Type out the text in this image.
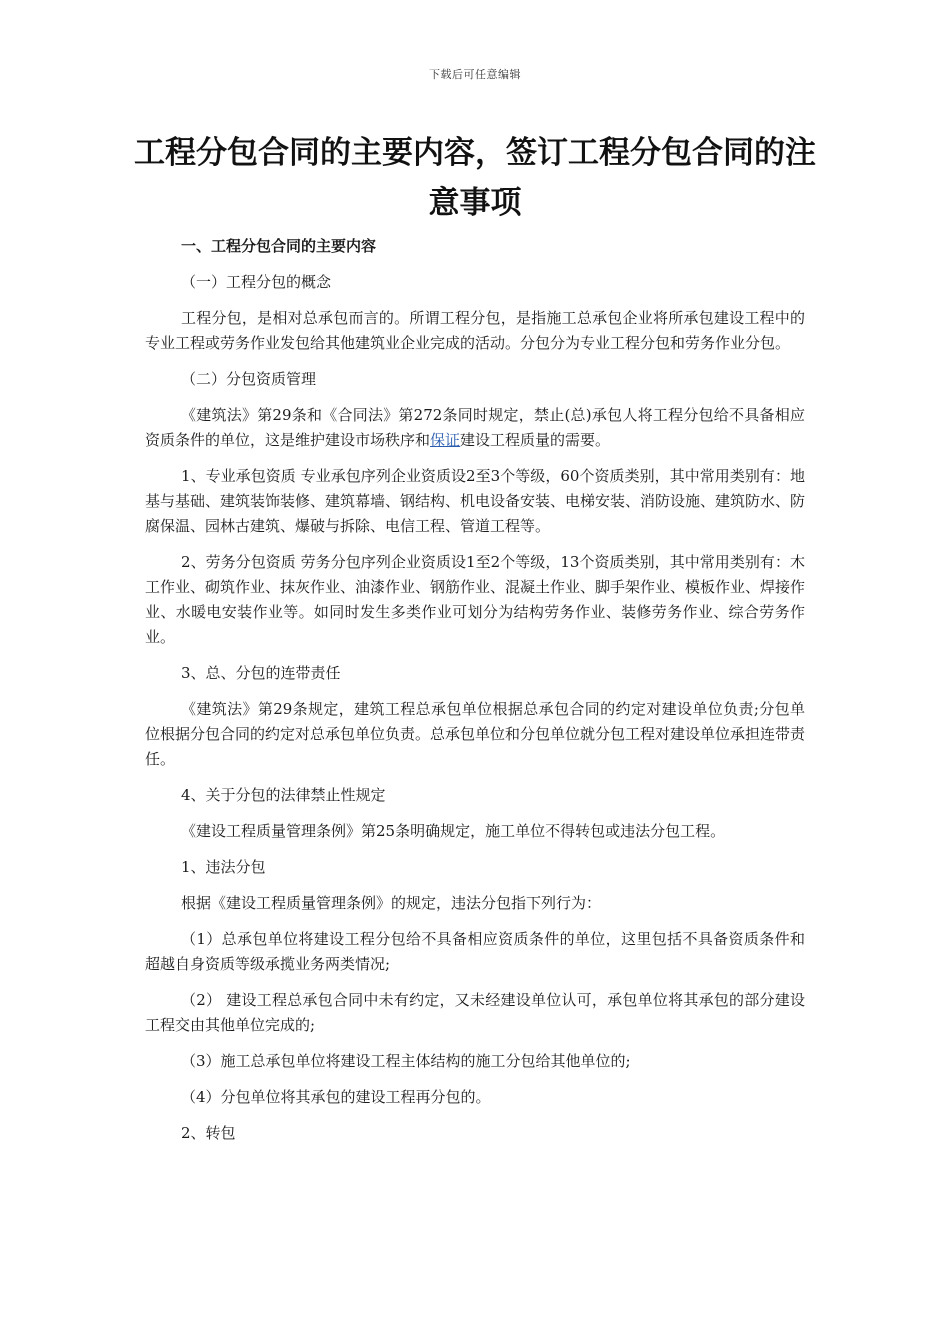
下载后可任意编辑
工程分包合同的主要内容，签订工程分包合同的注意事项
一、工程分包合同的主要内容

（一）工程分包的概念

工程分包，是相对总承包而言的。所谓工程分包，是指施工总承包企业将所承包建设工程中的专业工程或劳务作业发包给其他建筑业企业完成的活动。分包分为专业工程分包和劳务作业分包。

（二）分包资质管理

《建筑法》第29条和《合同法》第272条同时规定，禁止(总)承包人将工程分包给不具备相应资质条件的单位，这是维护建设市场秩序和保证建设工程质量的需要。

1、专业承包资质 专业承包序列企业资质设2至3个等级，60个资质类别，其中常用类别有：地基与基础、建筑装饰装修、建筑幕墙、钢结构、机电设备安装、电梯安装、消防设施、建筑防水、防腐保温、园林古建筑、爆破与拆除、电信工程、管道工程等。

2、劳务分包资质 劳务分包序列企业资质设1至2个等级，13个资质类别，其中常用类别有：木工作业、砌筑作业、抹灰作业、油漆作业、钢筋作业、混凝土作业、脚手架作业、模板作业、焊接作业、水暖电安装作业等。如同时发生多类作业可划分为结构劳务作业、装修劳务作业、综合劳务作业。

3、总、分包的连带责任

《建筑法》第29条规定，建筑工程总承包单位根据总承包合同的约定对建设单位负责;分包单位根据分包合同的约定对总承包单位负责。总承包单位和分包单位就分包工程对建设单位承担连带责任。

4、关于分包的法律禁止性规定

《建设工程质量管理条例》第25条明确规定，施工单位不得转包或违法分包工程。

1、违法分包

根据《建设工程质量管理条例》的规定，违法分包指下列行为：

（1）总承包单位将建设工程分包给不具备相应资质条件的单位，这里包括不具备资质条件和超越自身资质等级承揽业务两类情况;

（2） 建设工程总承包合同中未有约定，又未经建设单位认可，承包单位将其承包的部分建设工程交由其他单位完成的;

（3）施工总承包单位将建设工程主体结构的施工分包给其他单位的;

（4）分包单位将其承包的建设工程再分包的。

2、转包
